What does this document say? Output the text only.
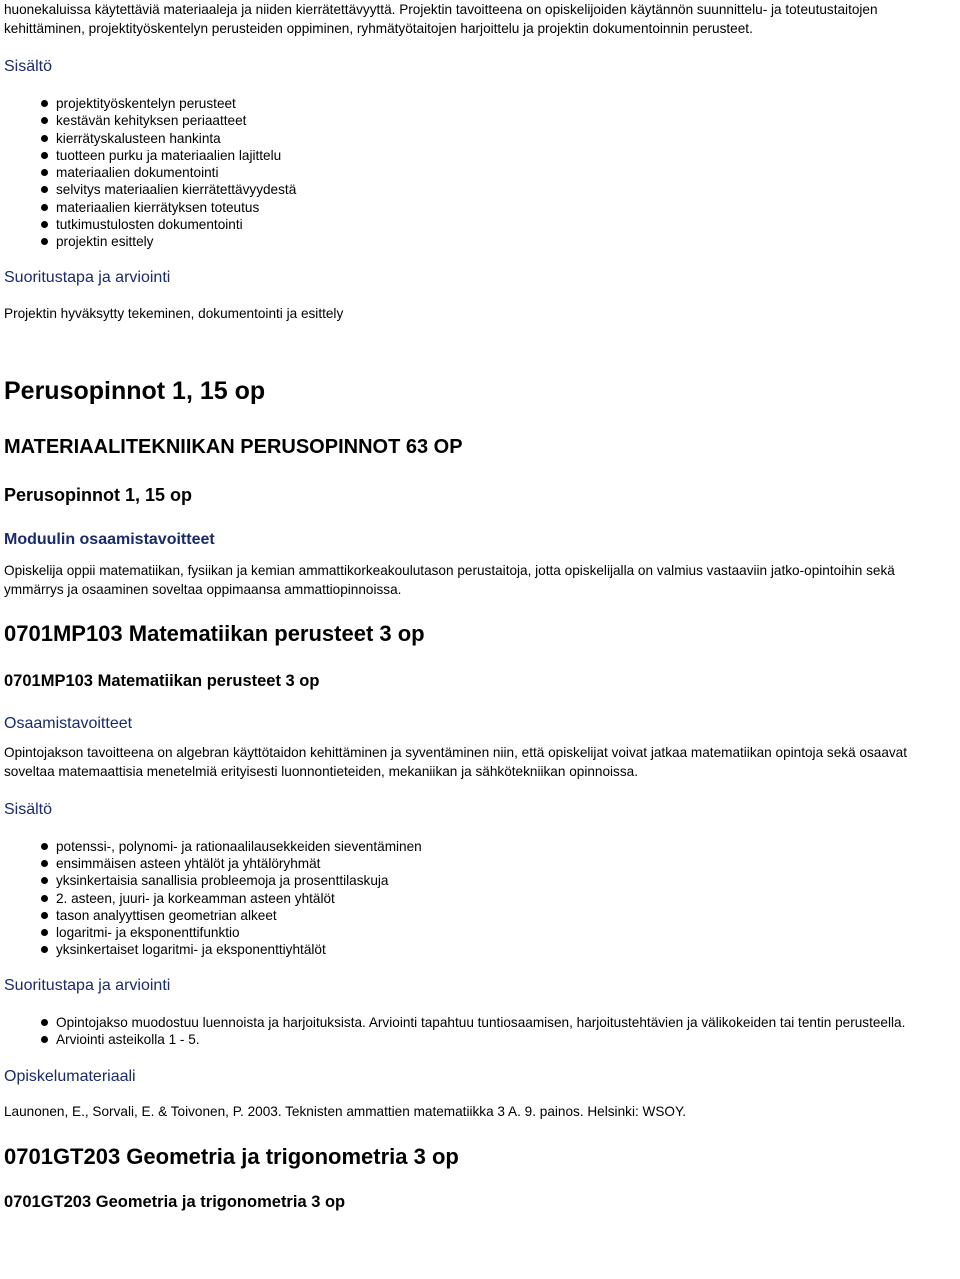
huonekaluissa käytettäviä materiaaleja ja niiden kierrätettävyyttä. Projektin tavoitteena on opiskelijoiden käytännön suunnittelu- ja toteutustaitojen kehittäminen, projektityöskentelyn perusteiden oppiminen, ryhmätyötaitojen harjoittelu ja projektin dokumentoinnin perusteet.

Sisältö
projektityöskentelyn perusteet
kestävän kehityksen periaatteet
kierrätyskalusteen hankinta
tuotteen purku ja materiaalien lajittelu
materiaalien dokumentointi
selvitys materiaalien kierrätettävyydestä
materiaalien kierrätyksen toteutus
tutkimustulosten dokumentointi
projektin esittely
Suoritustapa ja arviointi

Projektin hyväksytty tekeminen, dokumentointi ja esittely

Perusopinnot 1, 15 op
MATERIAALITEKNIIKAN PERUSOPINNOT 63 OP
Perusopinnot 1, 15 op
Moduulin osaamistavoitteet

Opiskelija oppii matematiikan, fysiikan ja kemian ammattikorkeakoulutason perustaitoja, jotta opiskelijalla on valmius vastaaviin jatko-opintoihin sekä ymmärrys ja osaaminen soveltaa oppimaansa ammattiopinnoissa.

0701MP103 Matematiikan perusteet 3 op
0701MP103 Matematiikan perusteet 3 op
Osaamistavoitteet

Opintojakson tavoitteena on algebran käyttötaidon kehittäminen ja syventäminen niin, että opiskelijat voivat jatkaa matematiikan opintoja sekä osaavat soveltaa matemaattisia menetelmiä erityisesti luonnontieteiden, mekaniikan ja sähkötekniikan opinnoissa.

Sisältö
potenssi-, polynomi- ja rationaalilausekkeiden sieventäminen
ensimmäisen asteen yhtälöt ja yhtälöryhmät
yksinkertaisia sanallisia probleemoja ja prosenttilaskuja
2. asteen, juuri- ja korkeamman asteen yhtälöt
tason analyyttisen geometrian alkeet
logaritmi- ja eksponenttifunktio
yksinkertaiset logaritmi- ja eksponenttiyhtälöt
Suoritustapa ja arviointi
Opintojakso muodostuu luennoista ja harjoituksista. Arviointi tapahtuu tuntiosaamisen, harjoitustehtävien ja välikokeiden tai tentin perusteella.
Arviointi asteikolla 1 - 5.
Opiskelumateriaali

Launonen, E., Sorvali, E. & Toivonen, P. 2003. Teknisten ammattien matematiikka 3 A. 9. painos. Helsinki: WSOY.

0701GT203 Geometria ja trigonometria 3 op
0701GT203 Geometria ja trigonometria 3 op
